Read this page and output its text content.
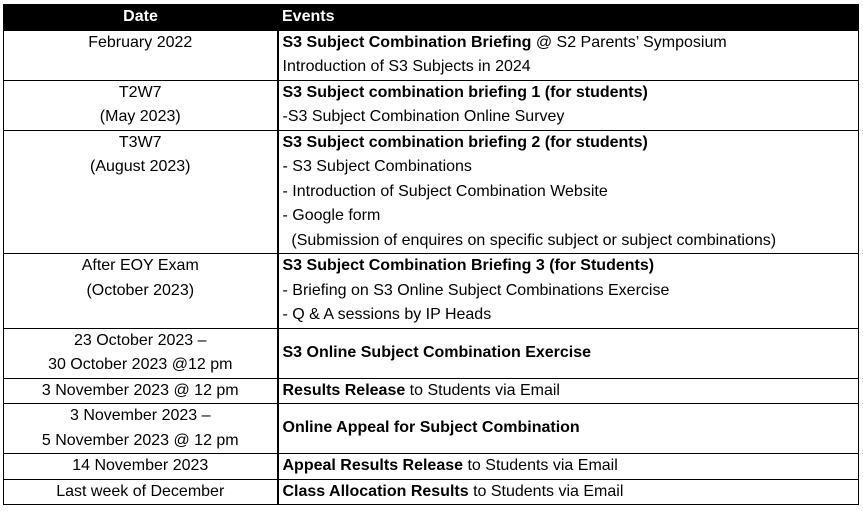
Date	Events

February 2022	S3 Subject Combination Briefing @ S2 Parents’ Symposium
Introduction of S3 Subjects in 2024

T2W7
(May 2023)	S3 Subject combination briefing 1 (for students)
-S3 Subject Combination Online Survey

T3W7
(August 2023)	S3 Subject combination briefing 2 (for students)
- S3 Subject Combinations
- Introduction of Subject Combination Website
- Google form
(Submission of enquires on specific subject or subject combinations)

After EOY Exam
(October 2023)	S3 Subject Combination Briefing 3 (for Students)
- Briefing on S3 Online Subject Combinations Exercise
- Q & A sessions by IP Heads

23 October 2023 –
30 October 2023 @12 pm	S3 Online Subject Combination Exercise

3 November 2023 @ 12 pm	Results Release to Students via Email

3 November 2023 –
5 November 2023 @ 12 pm	Online Appeal for Subject Combination

14 November 2023	Appeal Results Release to Students via Email

Last week of December	Class Allocation Results to Students via Email
